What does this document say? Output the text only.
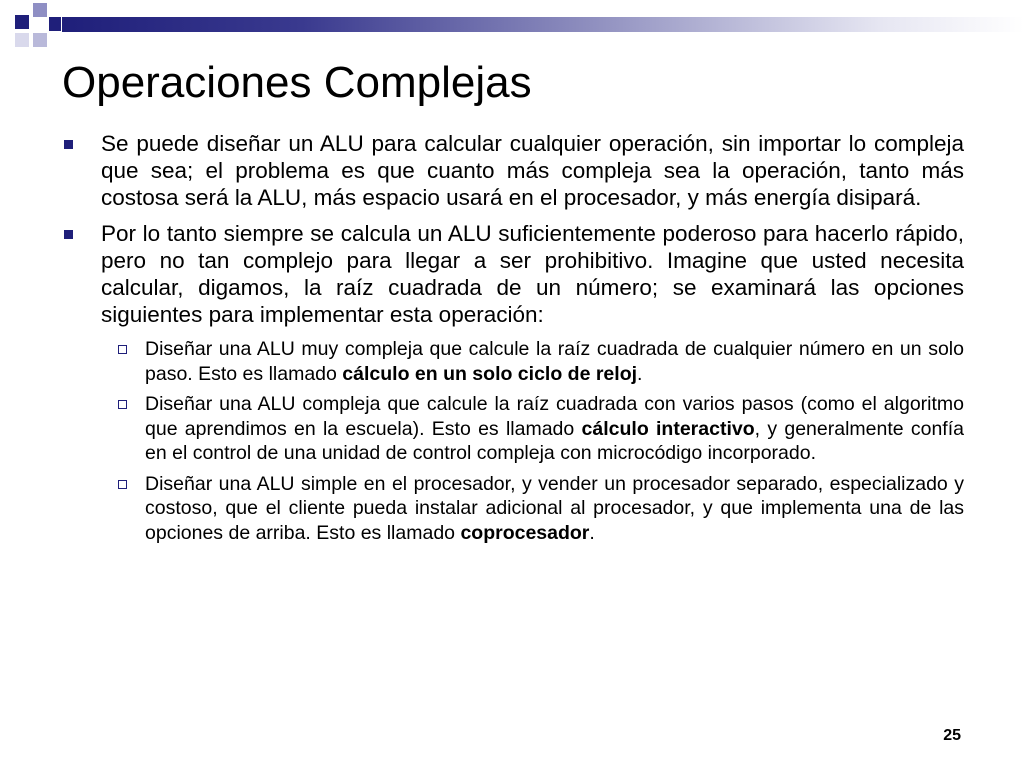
Operaciones Complejas
Se puede diseñar un ALU para calcular cualquier operación, sin importar lo compleja que sea; el problema es que cuanto más compleja sea la operación, tanto más costosa será la ALU, más espacio usará en el procesador, y más energía disipará.
Por lo tanto siempre se calcula un ALU suficientemente poderoso para hacerlo rápido, pero no tan complejo para llegar a ser prohibitivo. Imagine que usted necesita calcular, digamos, la raíz cuadrada de un número; se examinará las opciones siguientes para implementar esta operación:
Diseñar una ALU muy compleja que calcule la raíz cuadrada de cualquier número en un solo paso. Esto es llamado cálculo en un solo ciclo de reloj.
Diseñar una ALU compleja que calcule la raíz cuadrada con varios pasos (como el algoritmo que aprendimos en la escuela). Esto es llamado cálculo interactivo, y generalmente confía en el control de una unidad de control compleja con microcódigo incorporado.
Diseñar una ALU simple en el procesador, y vender un procesador separado, especializado y costoso, que el cliente pueda instalar adicional al procesador, y que implementa una de las opciones de arriba. Esto es llamado coprocesador.
25
